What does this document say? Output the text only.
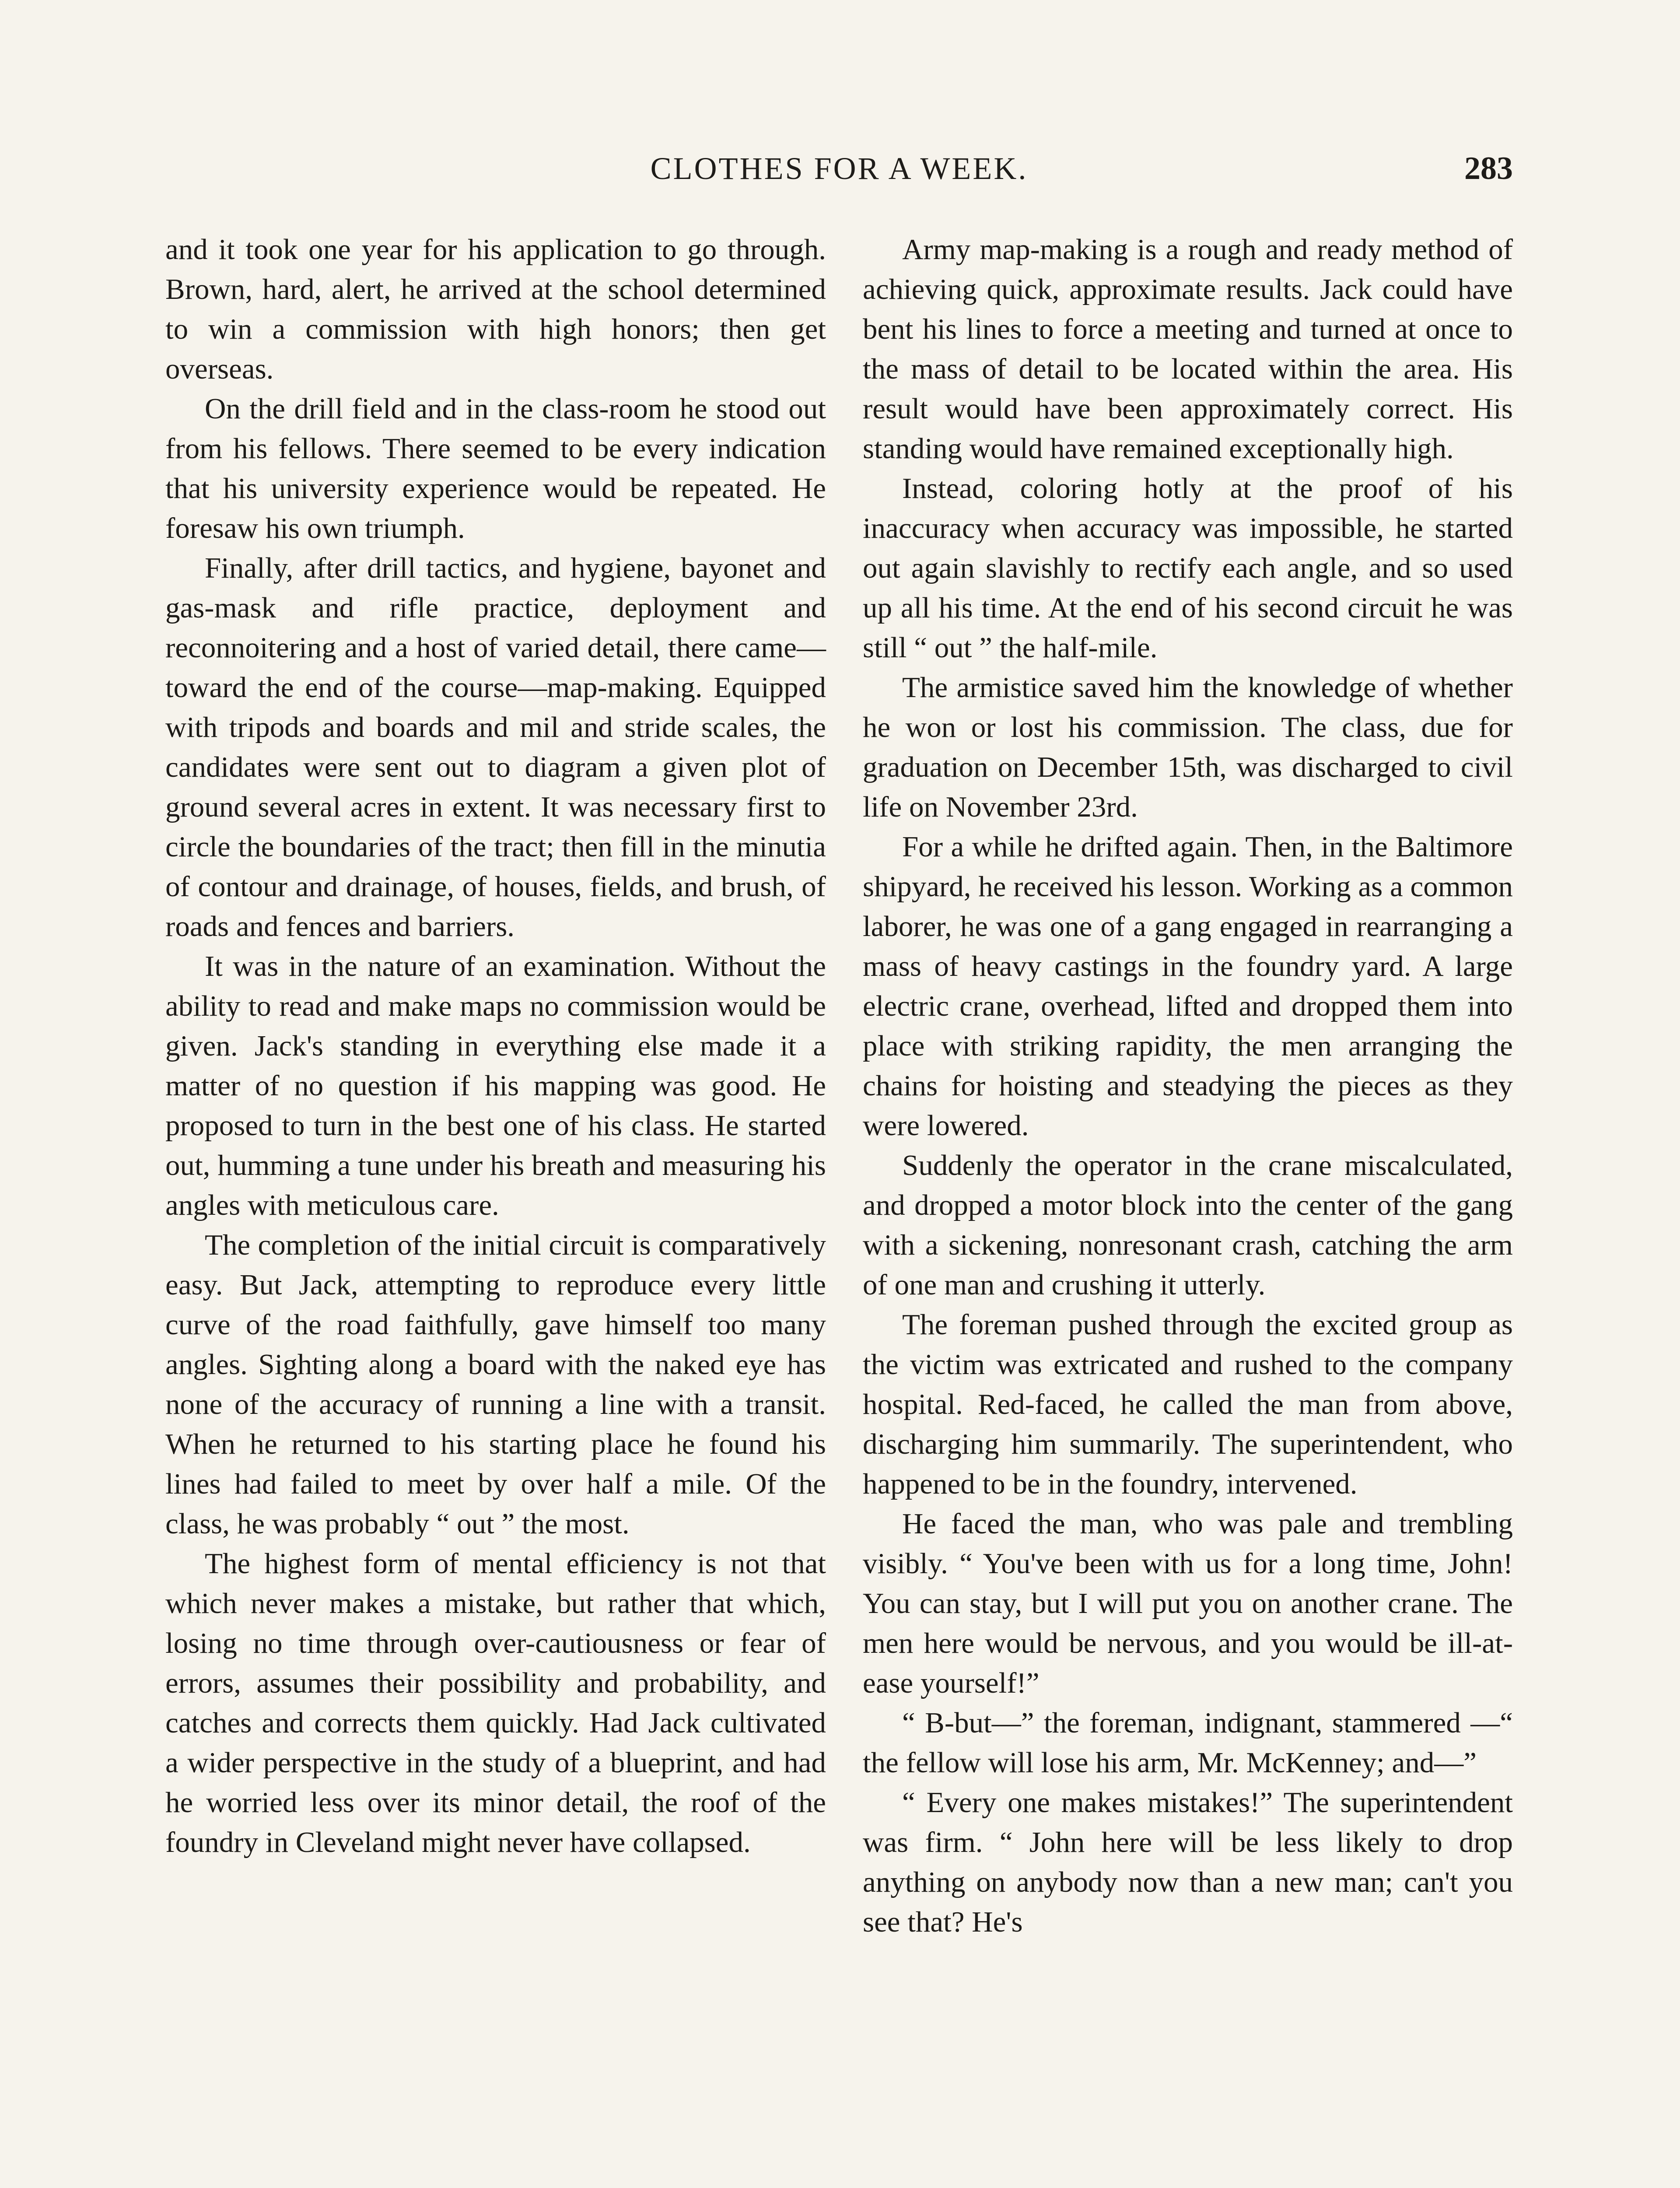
CLOTHES FOR A WEEK.	283

and it took one year for his application to go through. Brown, hard, alert, he arrived at the school determined to win a commission with high honors; then get overseas.

On the drill field and in the class-room he stood out from his fellows. There seemed to be every indication that his university experience would be repeated. He foresaw his own triumph.

Finally, after drill tactics, and hygiene, bayonet and gas-mask and rifle practice, deployment and reconnoitering and a host of varied detail, there came—toward the end of the course—map-making. Equipped with tripods and boards and mil and stride scales, the candidates were sent out to diagram a given plot of ground several acres in extent. It was necessary first to circle the boundaries of the tract; then fill in the minutia of contour and drainage, of houses, fields, and brush, of roads and fences and barriers.

It was in the nature of an examination. Without the ability to read and make maps no commission would be given. Jack's standing in everything else made it a matter of no question if his mapping was good. He proposed to turn in the best one of his class. He started out, humming a tune under his breath and measuring his angles with meticulous care.

The completion of the initial circuit is comparatively easy. But Jack, attempting to reproduce every little curve of the road faithfully, gave himself too many angles. Sighting along a board with the naked eye has none of the accuracy of running a line with a transit. When he returned to his starting place he found his lines had failed to meet by over half a mile. Of the class, he was probably “ out ” the most.

The highest form of mental efficiency is not that which never makes a mistake, but rather that which, losing no time through over-cautiousness or fear of errors, assumes their possibility and probability, and catches and corrects them quickly. Had Jack cultivated a wider perspective in the study of a blueprint, and had he worried less over its minor detail, the roof of the foundry in Cleveland might never have collapsed.

Army map-making is a rough and ready method of achieving quick, approximate results. Jack could have bent his lines to force a meeting and turned at once to the mass of detail to be located within the area. His result would have been approximately correct. His standing would have remained exceptionally high.

Instead, coloring hotly at the proof of his inaccuracy when accuracy was impossible, he started out again slavishly to rectify each angle, and so used up all his time. At the end of his second circuit he was still “ out ” the half-mile.

The armistice saved him the knowledge of whether he won or lost his commission. The class, due for graduation on December 15th, was discharged to civil life on November 23rd.

For a while he drifted again. Then, in the Baltimore shipyard, he received his lesson. Working as a common laborer, he was one of a gang engaged in rearranging a mass of heavy castings in the foundry yard. A large electric crane, overhead, lifted and dropped them into place with striking rapidity, the men arranging the chains for hoisting and steadying the pieces as they were lowered.

Suddenly the operator in the crane miscalculated, and dropped a motor block into the center of the gang with a sickening, nonresonant crash, catching the arm of one man and crushing it utterly.

The foreman pushed through the excited group as the victim was extricated and rushed to the company hospital. Red-faced, he called the man from above, discharging him summarily. The superintendent, who happened to be in the foundry, intervened.

He faced the man, who was pale and trembling visibly. “ You've been with us for a long time, John! You can stay, but I will put you on another crane. The men here would be nervous, and you would be ill-at-ease yourself!”

“ B-but—” the foreman, indignant, stammered —“ the fellow will lose his arm, Mr. McKenney; and—”

“ Every one makes mistakes!” The superintendent was firm. “ John here will be less likely to drop anything on anybody now than a new man; can't you see that? He's
